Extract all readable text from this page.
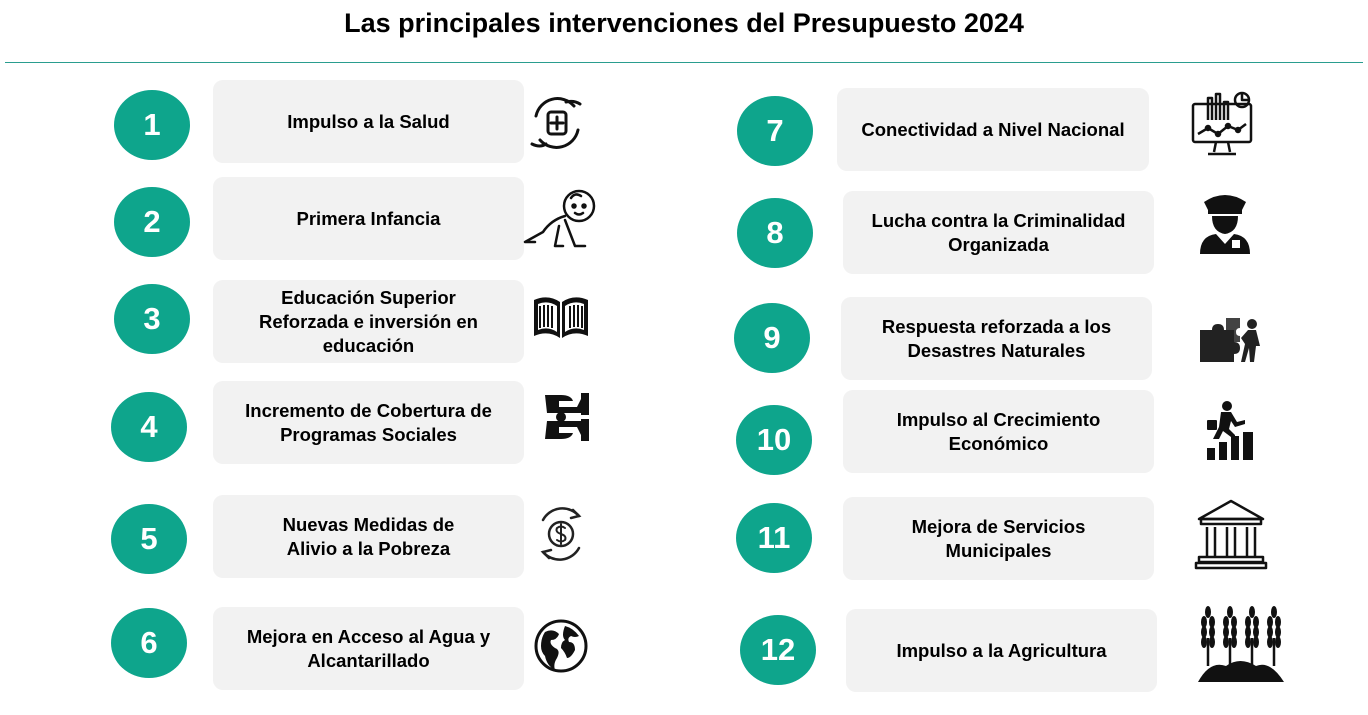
Las principales intervenciones del Presupuesto 2024
1	Impulso a la Salud
2	Primera Infancia
3
Educación Superior
Reforzada e inversión en
educación
4	Incremento de Cobertura de
Programas Sociales
5	Nuevas Medidas de
Alivio a la Pobreza
6	Mejora en Acceso al Agua y
Alcantarillado
7	Conectividad a Nivel Nacional
8	Lucha contra la Criminalidad
Organizada
9	Respuesta reforzada a los
Desastres Naturales
10
Impulso al Crecimiento
Económico
11	Mejora de Servicios
Municipales
12	Impulso a la Agricultura
